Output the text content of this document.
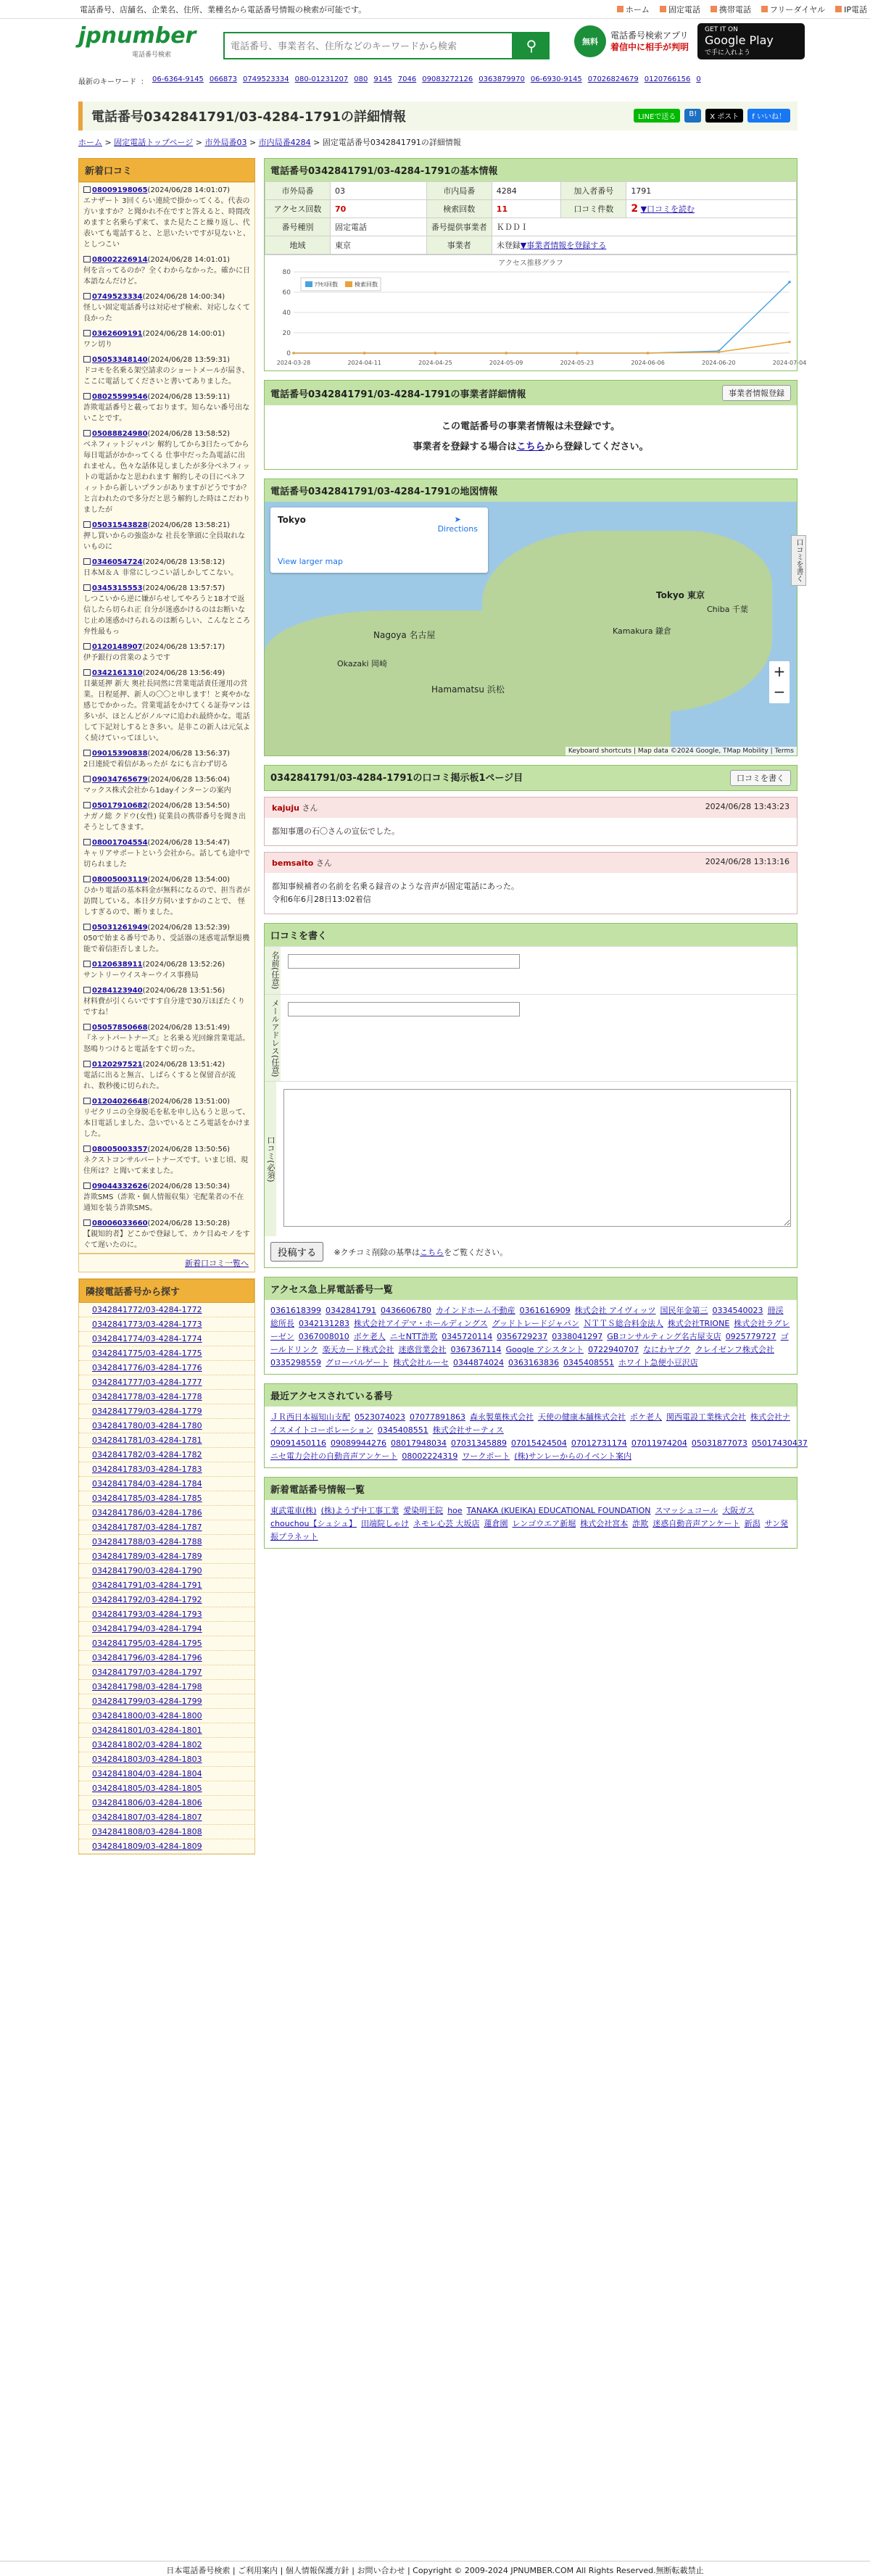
電話番号、店舗名、企業名、住所、業種名から電話番号情報の検索が可能です。	ホーム 固定電話 携帯電話 フリーダイヤル IP電話
jpnumber
電話番号検索
電話番号、事業者名、住所などのキーワードから検索
⚲	無料
電話番号検索アプリ
着信中に相手が判明
GET IT ON
Google Play
で手に入れよう
最新のキーワード ： 06-6364-9145 066873 0749523334 080-01231207 080 9145 7046 09083272126 0363879970 06-6930-9145 07026824679 0120766156 0
電話番号0342841791/03-4284-1791の詳細情報	LINEで送る	B!	X ポスト	f いいね！
ホーム > 固定電話トップページ > 市外局番03 > 市内局番4284 > 固定電話番号0342841791の詳細情報
新着口コミ
08009198065(2024/06/28 14:01:07)
エナザート 3回くらい連続で掛かってくる。代表の方いますか？と聞かれ不在ですと答えると、時間改めますと名乗らず来て、また見たこと繰り返し、代表いても電話すると、と思いたいですが見ないと、としつこい
08002226914(2024/06/28 14:01:01)
何を言ってるのか？全くわからなかった。確かに日本語なんだけど。
0749523334(2024/06/28 14:00:34)
怪しい固定電話番号は対応せず検索、対応しなくて良かった
0362609191(2024/06/28 14:00:01)
ワン切り
05053348140(2024/06/28 13:59:31)
ドコモを名乗る架空請求のショートメールが届き、ここに電話してくださいと書いてありました。
08025599546(2024/06/28 13:59:11)
詐欺電話番号と載っております。知らない番号出ないことです。
05088824980(2024/06/28 13:58:52)
ベネフィットジャパン 解約してから3日たってから毎日電話がかかってくる 仕事中だった為電話に出れません。色々な話体見しましたが多分ベネフィットの電話かなと思われます 解約しその日にベネフィットから新しいプランがありますがどうですか？と言われたので多分だと思う解約した時はこだわりましたが
05031543828(2024/06/28 13:58:21)
押し買いからの強盗かな 社長を筆頭に全員取れないものに
0346054724(2024/06/28 13:58:12)
日本Ｍ＆Ａ 非常にしつこい話しかしてこない。
0345315553(2024/06/28 13:57:57)
しつこいから逆に嫌がらせしてやろうと18才で返信したら切られ正 自分が迷惑かけるのはお断いなじ止め迷惑かけられるのは断らしい、こんなところ弁性最もっ
0120148907(2024/06/28 13:57:17)
伊予銀行の営業のようです
0342161310(2024/06/28 13:56:49)
目薬延押 新大 奥社長同然に営業電話責任運用の営業。日程延押、新人の〇〇と申します！と爽やかな感じでかかった。営業電話をかけてくる証券マンは多いが、ほとんどがノルマに追われ最終かな。電話して下記対しするとき多い。是非この新人は元気よく続けていってほしい。
09015390838(2024/06/28 13:56:37)
2日連続で着信があったが なにも言わず切る
09034765679(2024/06/28 13:56:04)
マックス株式会社から1dayインターンの案内
05017910682(2024/06/28 13:54:50)
ナガノ総 クドウ(女性) 従業員の携帯番号を聞き出そうとしてきます。
08001704554(2024/06/28 13:54:47)
キャリアサポートという会社から。話しても途中で切られました
08005003119(2024/06/28 13:54:00)
ひかり電話の基本料金が無料になるので、担当者が訪問している。本日夕方伺いますかのことで、 怪しすぎるので、断りました。
05031261949(2024/06/28 13:52:39)
050で始まる番号であり、受話器の迷惑電話撃退機能で着信拒否しました。
0120638911(2024/06/28 13:52:26)
サントリーウイスキーウイス事務局
0284123940(2024/06/28 13:51:56)
材料費が引くらいですす自分達で30万ほぼたくりですね！
05057850668(2024/06/28 13:51:49)
『ネットパートナーズ』と名乗る光回線営業電話。怒鳴りつけると電話をすぐ切った。
0120297521(2024/06/28 13:51:42)
電話に出ると無言、しばらくすると保留音が流れ、数秒後に切られた。
01204026648(2024/06/28 13:51:00)
リゼクリニの全身脱毛を私を申し込もうと思って、本日電話しました、急いでいるところ電話をかけました。
08005003357(2024/06/28 13:50:56)
ネクストコンサルパートナーズです。いまじ頃、現住所は？と聞いて来ました。
09044332626(2024/06/28 13:50:34)
詐欺SMS（詐欺・個人情報収集）宅配業者の不在通知を装う詐欺SMS。
08006033660(2024/06/28 13:50:28)
【親知的者】どこかで登録して、カケ目ぬモノをすぐて遅いたのに。
新着口コミ一覧へ
隣接電話番号から探す
0342841772/03-4284-1772
0342841773/03-4284-1773
0342841774/03-4284-1774
0342841775/03-4284-1775
0342841776/03-4284-1776
0342841777/03-4284-1777
0342841778/03-4284-1778
0342841779/03-4284-1779
0342841780/03-4284-1780
0342841781/03-4284-1781
0342841782/03-4284-1782
0342841783/03-4284-1783
0342841784/03-4284-1784
0342841785/03-4284-1785
0342841786/03-4284-1786
0342841787/03-4284-1787
0342841788/03-4284-1788
0342841789/03-4284-1789
0342841790/03-4284-1790
0342841791/03-4284-1791
0342841792/03-4284-1792
0342841793/03-4284-1793
0342841794/03-4284-1794
0342841795/03-4284-1795
0342841796/03-4284-1796
0342841797/03-4284-1797
0342841798/03-4284-1798
0342841799/03-4284-1799
0342841800/03-4284-1800
0342841801/03-4284-1801
0342841802/03-4284-1802
0342841803/03-4284-1803
0342841804/03-4284-1804
0342841805/03-4284-1805
0342841806/03-4284-1806
0342841807/03-4284-1807
0342841808/03-4284-1808
0342841809/03-4284-1809
電話番号0342841791/03-4284-1791の基本情報
市外局番	03	市内局番	4284	加入者番号	1791
アクセス回数	70	検索回数	11	口コミ件数	2 ▼口コミを読む
番号種別	固定電話	番号提供事業者	ＫＤＤＩ		
地域	東京	事業者	未登録▼事業者情報を登録する		
アクセス推移グラフ
0
20
40
60
80
2024-03-28	2024-04-11	2024-04-25	2024-05-09	2024-05-23	2024-06-06	2024-06-20	2024-07-04
ｱｸｾｽ回数	検索回数
電話番号0342841791/03-4284-1791の事業者詳細情報	事業者情報登録
この電話番号の事業者情報は未登録です。
事業者を登録する場合はこちらから登録してください。
電話番号0342841791/03-4284-1791の地図情報
Tokyo	➤
Directions
View larger map
Tokyo 東京
Nagoya 名古屋
Hamamatsu 浜松
Okazaki 岡崎
Kamakura 鎌倉
Chiba 千葉
+
−
Keyboard shortcuts | Map data ©2024 Google, TMap Mobility | Terms
口コミを書く
0342841791/03-4284-1791の口コミ掲示板1ページ目	口コミを書く
kajuju さん	2024/06/28 13:43:23
都知事選の石〇さんの宣伝でした。
bemsaito さん	2024/06/28 13:13:16
都知事候補者の名前を名乗る録音のような音声が固定電話にあった。
令和6年6月28日13:02着信
口コミを書く
名前(任意)
メールアドレス(任意)
口コミ(必須)
投稿する	※クチコミ削除の基準はこちらをご覧ください。
アクセス急上昇電話番号一覧
0361618399 0342841791 0436606780 カインドホーム不動産 0361616909 株式会社 アイヴィッツ 国民年金第三 0334540023 冊渓総所長 0342131283 株式会社アイデマ・ホールディングス グッドトレードジャパン ＮＴＴＳ総合料金法人 株式会社TRIONE 株式会社ラグレーゼン 0367008010 ボケ老人 ニセNTT詐欺 0345720114 0356729237 0338041297 GBコンサルティング名古屋支店 0925779727 ゴールドリンク 楽天カード株式会社 迷惑営業会社 0367367114 Google アシスタント 0722940707 なにわヤブク クレイゼンフ株式会社0335298559 グローバルゲート 株式会社ルーセ 0344874024 0363163836 0345408551 ホワイト急便小豆沢店
最近アクセスされている番号
ＪＲ西日本福知山支配 0523074023 07077891863 森永製菓株式会社 天使の健康本舗株式会社 ポケ老人 関西電設工業株式会社 株式会社ナイスメイトコーポレーション 0345408551 株式会社サーティス09091450116 09089944276 08017948034 07031345889 07015424504 07012731174 07011974204 05031877073 05017430437ニセ電力会社の自動音声アンケート 08002224319 ワークポート (株)サンレーからのイベント案内
新着電話番号情報一覧
東武電車(株) (株)ようず中工事工業 愛染明王院 hoe TANAKA (KUEIKA) EDUCATIONAL FOUNDATION スマッシュコール 大阪ガスchouchou【シュシュ】 田端院しゃけ ネモレ心芸 大坂店 蓮倉園 レンゴウエア新堀 株式会社宮本 詐欺 迷惑自動音声アンケート 新潟 サン発振プラネット
日本電話番号検索 | ご利用案内 | 個人情報保護方針 | お問い合わせ | Copyright © 2009-2024 JPNUMBER.COM All Rights Reserved.無断転載禁止
